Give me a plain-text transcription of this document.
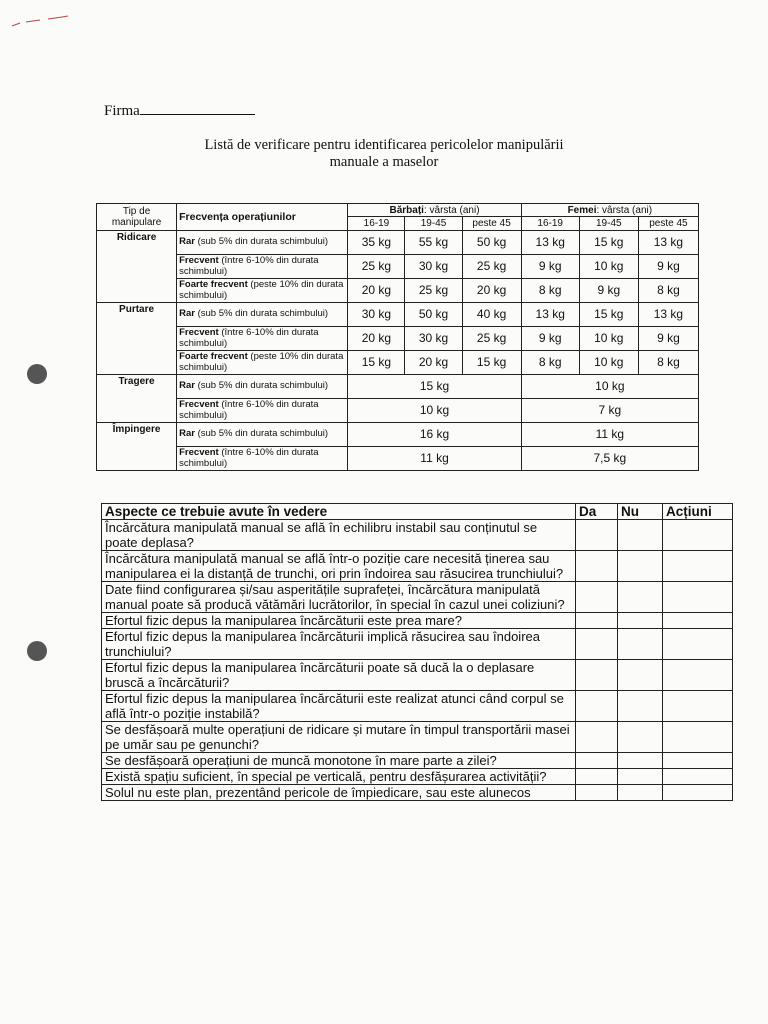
Firma
Listă de verificare pentru identificarea pericolelor manipulării
manuale a maselor
Tip de manipulare	Frecvența operațiunilor	Bărbați: vârsta (ani)			Femei: vârsta (ani)		
		16-19	19-45	peste 45	16-19	19-45	peste 45
Ridicare	Rar (sub 5% din durata schimbului)	35 kg	55 kg	50 kg	13 kg	15 kg	13 kg
	Frecvent (între 6-10% din durata schimbului)	25 kg	30 kg	25 kg	9 kg	10 kg	9 kg
	Foarte frecvent (peste 10% din durata schimbului)	20 kg	25 kg	20 kg	8 kg	9 kg	8 kg
Purtare	Rar (sub 5% din durata schimbului)	30 kg	50 kg	40 kg	13 kg	15 kg	13 kg
	Frecvent (între 6-10% din durata schimbului)	20 kg	30 kg	25 kg	9 kg	10 kg	9 kg
	Foarte frecvent (peste 10% din durata schimbului)	15 kg	20 kg	15 kg	8 kg	10 kg	8 kg
Tragere	Rar (sub 5% din durata schimbului)	15 kg			10 kg		
	Frecvent (între 6-10% din durata schimbului)	10 kg			7 kg		
Împingere	Rar (sub 5% din durata schimbului)	16 kg			11 kg		
	Frecvent (între 6-10% din durata schimbului)	11 kg			7,5 kg		
Aspecte ce trebuie avute în vedere	Da	Nu	Acțiuni
Încărcătura manipulată manual se află în echilibru instabil sau conținutul se poate deplasa?			
Încărcătura manipulată manual se află într-o poziție care necesită ținerea sau manipularea ei la distanță de trunchi, ori prin îndoirea sau răsucirea trunchiului?			
Date fiind configurarea și/sau asperitățile suprafeței, încărcătura manipulată manual poate să producă vătămări lucrătorilor, în special în cazul unei coliziuni?			
Efortul fizic depus la manipularea încărcăturii este prea mare?			
Efortul fizic depus la manipularea încărcăturii implică răsucirea sau îndoirea trunchiului?			
Efortul fizic depus la manipularea încărcăturii poate să ducă la o deplasare bruscă a încărcăturii?			
Efortul fizic depus la manipularea încărcăturii este realizat atunci când corpul se află într-o poziție instabilă?			
Se desfășoară multe operațiuni de ridicare și mutare în timpul transportării masei pe umăr sau pe genunchi?			
Se desfășoară operațiuni de muncă monotone în mare parte a zilei?			
Există spațiu suficient, în special pe verticală, pentru desfășurarea activității?			
Solul nu este plan, prezentând pericole de împiedicare, sau este alunecos			
